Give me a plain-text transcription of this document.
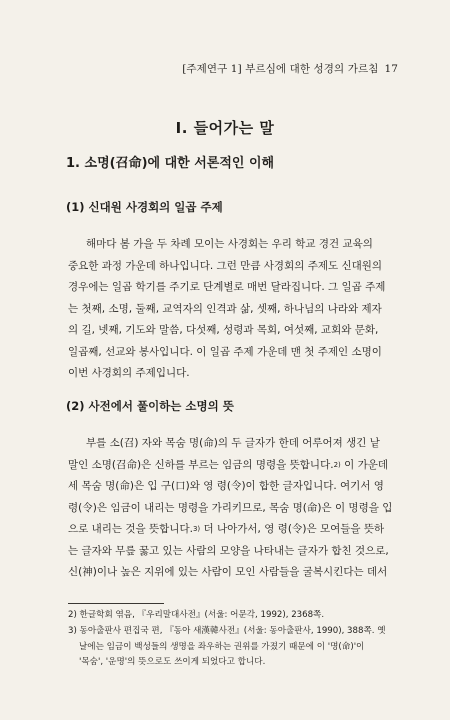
[주제연구 1] 부르심에 대한 성경의 가르침 17
I. 들어가는 말
1. 소명(召命)에 대한 서론적인 이해
(1) 신대원 사경회의 일곱 주제
해마다 봄 가을 두 차례 모이는 사경회는 우리 학교 경건 교육의
중요한 과정 가운데 하나입니다. 그런 만큼 사경회의 주제도 신대원의
경우에는 일곱 학기를 주기로 단계별로 매번 달라집니다. 그 일곱 주제
는 첫째, 소명, 둘째, 교역자의 인격과 삶, 셋째, 하나님의 나라와 제자
의 길, 넷째, 기도와 말씀, 다섯째, 성령과 목회, 여섯째, 교회와 문화,
일곱째, 선교와 봉사입니다. 이 일곱 주제 가운데 맨 첫 주제인 소명이
이번 사경회의 주제입니다.
(2) 사전에서 풀이하는 소명의 뜻
부를 소(召) 자와 목숨 명(命)의 두 글자가 한데 어루어져 생긴 낱
말인 소명(召命)은 신하를 부르는 임금의 명령을 뜻합니다.$^{2)}$ 이 가운데
세 목숨 명(命)은 입 구(口)와 영 령(令)이 합한 글자입니다. 여기서 영
령(令)은 임금이 내리는 명령을 가리키므로, 목숨 명(命)은 이 명령을 입
으로 내리는 것을 뜻합니다.$^{3)}$ 더 나아가서, 영 령(令)은 모여들을 뜻하
는 글자와 무릎 꿇고 있는 사람의 모양을 나타내는 글자가 합친 것으로,
신(神)이나 높은 지위에 있는 사람이 모인 사람들을 굴복시킨다는 데서
2) 한글학회 엮음, 『우리말대사전』(서울: 어문각, 1992), 2368쪽.
3) 동아출판사 편집국 편, 『동아 새漢韓사전』(서울: 동아출판사, 1990), 388쪽. 옛
날에는 임금이 백성들의 생명을 좌우하는 권위를 가졌기 때문에 이 '명(命)'이
'목숨', '운명'의 뜻으로도 쓰이게 되었다고 합니다.
